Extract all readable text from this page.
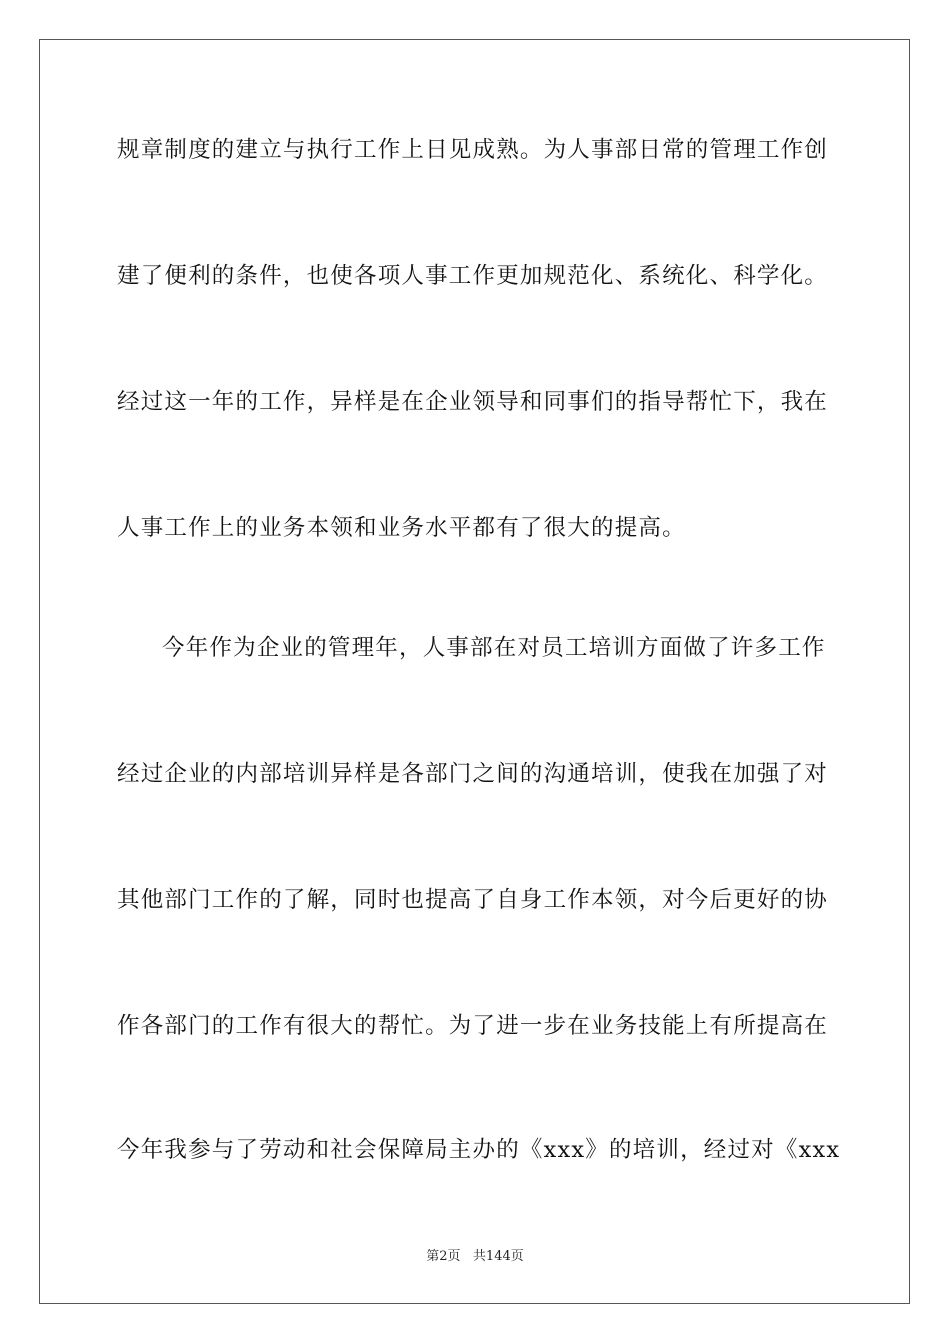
规章制度的建立与执行工作上日见成熟。为人事部日常的管理工作创
建了便利的条件，也使各项人事工作更加规范化、系统化、科学化。
经过这一年的工作，异样是在企业领导和同事们的指导帮忙下，我在
人事工作上的业务本领和业务水平都有了很大的提高。
今年作为企业的管理年，人事部在对员工培训方面做了许多工作
经过企业的内部培训异样是各部门之间的沟通培训，使我在加强了对
其他部门工作的了解，同时也提高了自身工作本领，对今后更好的协
作各部门的工作有很大的帮忙。为了进一步在业务技能上有所提高在
今年我参与了劳动和社会保障局主办的《xxx》的培训，经过对《xxx
第2页 共144页
